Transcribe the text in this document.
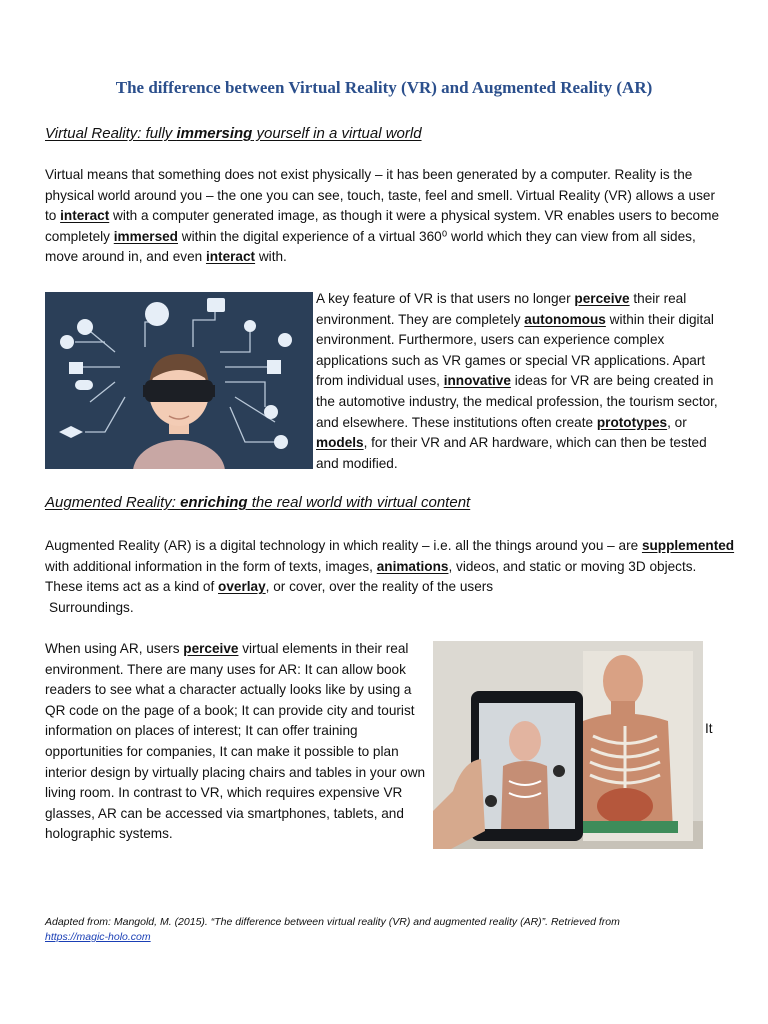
The difference between Virtual Reality (VR) and Augmented Reality (AR)
Virtual Reality: fully immersing yourself in a virtual world
Virtual means that something does not exist physically – it has been generated by a computer. Reality is the physical world around you – the one you can see, touch, taste, feel and smell. Virtual Reality (VR) allows a user to interact with a computer generated image, as though it were a physical system. VR enables users to become completely immersed within the digital experience of a virtual 360⁰ world which they can view from all sides, move around in, and even interact with.
A key feature of VR is that users no longer perceive their real environment. They are completely autonomous within their digital environment. Furthermore, users can experience complex applications such as VR games or special VR applications. Apart from individual uses, innovative ideas for VR are being created in the automotive industry, the medical profession, the tourism sector, and elsewhere. These institutions often create prototypes, or models, for their VR and AR hardware, which can then be tested and modified.
Augmented Reality: enriching the real world with virtual content
Augmented Reality (AR) is a digital technology in which reality – i.e. all the things around you – are supplemented with additional information in the form of texts, images, animations, videos, and static or moving 3D objects. These items act as a kind of overlay, or cover, over the reality of the users
Surroundings.
When using AR, users perceive virtual elements in their real environment. There are many uses for AR: It can allow book readers to see what a character actually looks like by using a QR code on the page of a book; It can provide city and tourist information on places of interest; It can offer training opportunities for companies, It can make it possible to plan interior design by virtually placing chairs and tables in your own living room. In contrast to VR, which requires expensive VR glasses, AR can be accessed via smartphones, tablets, and holographic systems.
It
Adapted from: Mangold, M. (2015). “The difference between virtual reality (VR) and augmented reality (AR)”. Retrieved from
https://magic-holo.com
